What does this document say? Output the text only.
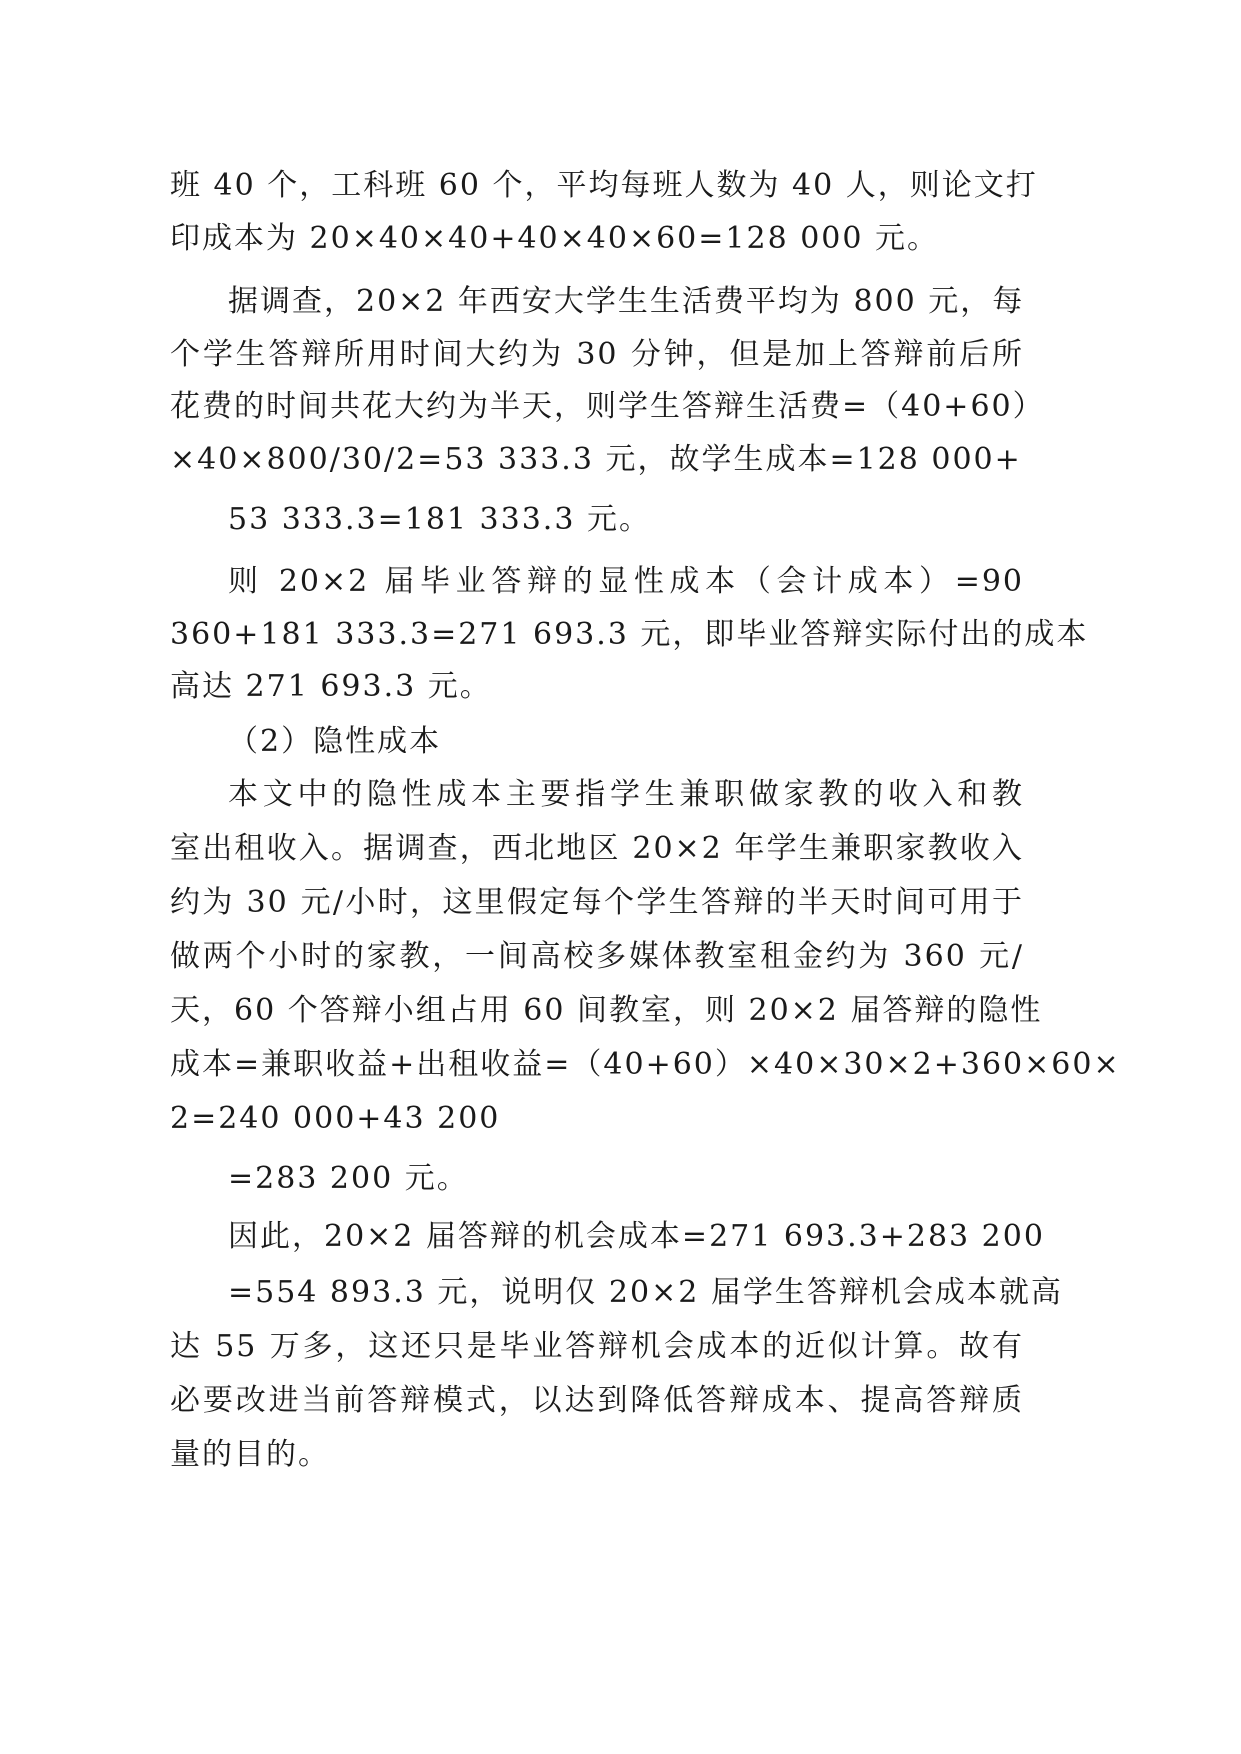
班 40 个，工科班 60 个，平均每班人数为 40 人，则论文打
印成本为 20×40×40+40×40×60=128 000 元。
据调查，20×2 年西安大学生生活费平均为 800 元，每
个学生答辩所用时间大约为 30 分钟，但是加上答辩前后所
花费的时间共花大约为半天，则学生答辩生活费=（40+60）
×40×800/30/2=53 333.3 元，故学生成本=128 000+
53 333.3=181 333.3 元。
则 20×2 届毕业答辩的显性成本（会计成本）=90
360+181 333.3=271 693.3 元，即毕业答辩实际付出的成本
高达 271 693.3 元。
（2）隐性成本
本文中的隐性成本主要指学生兼职做家教的收入和教
室出租收入。据调查，西北地区 20×2 年学生兼职家教收入
约为 30 元/小时，这里假定每个学生答辩的半天时间可用于
做两个小时的家教，一间高校多媒体教室租金约为 360 元/
天，60 个答辩小组占用 60 间教室，则 20×2 届答辩的隐性
成本=兼职收益+出租收益=（40+60）×40×30×2+360×60×
2=240 000+43 200
=283 200 元。
因此，20×2 届答辩的机会成本=271 693.3+283 200
=554 893.3 元，说明仅 20×2 届学生答辩机会成本就高
达 55 万多，这还只是毕业答辩机会成本的近似计算。故有
必要改进当前答辩模式，以达到降低答辩成本、提高答辩质
量的目的。
